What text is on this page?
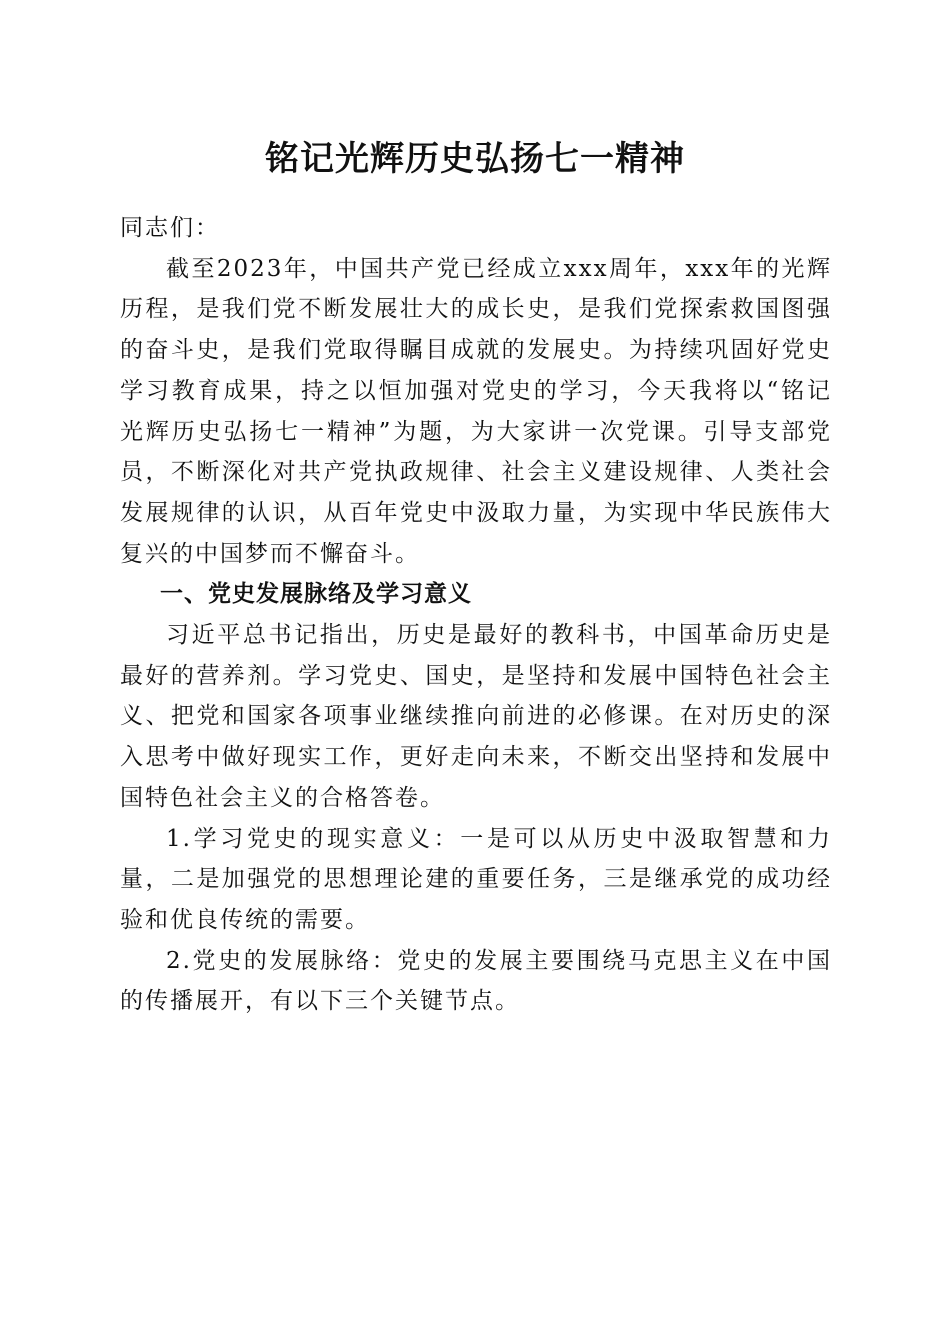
铭记光辉历史弘扬七一精神

同志们：

截至2023年，中国共产党已经成立xxx周年，xxx年的光辉历程，是我们党不断发展壮大的成长史，是我们党探索救国图强的奋斗史，是我们党取得瞩目成就的发展史。为持续巩固好党史学习教育成果，持之以恒加强对党史的学习，今天我将以“铭记光辉历史弘扬七一精神”为题，为大家讲一次党课。引导支部党员，不断深化对共产党执政规律、社会主义建设规律、人类社会发展规律的认识，从百年党史中汲取力量，为实现中华民族伟大复兴的中国梦而不懈奋斗。

一、党史发展脉络及学习意义

习近平总书记指出，历史是最好的教科书，中国革命历史是最好的营养剂。学习党史、国史，是坚持和发展中国特色社会主义、把党和国家各项事业继续推向前进的必修课。在对历史的深入思考中做好现实工作，更好走向未来，不断交出坚持和发展中国特色社会主义的合格答卷。

1.学习党史的现实意义：一是可以从历史中汲取智慧和力量，二是加强党的思想理论建的重要任务，三是继承党的成功经验和优良传统的需要。

2.党史的发展脉络：党史的发展主要围绕马克思主义在中国的传播展开，有以下三个关键节点。
